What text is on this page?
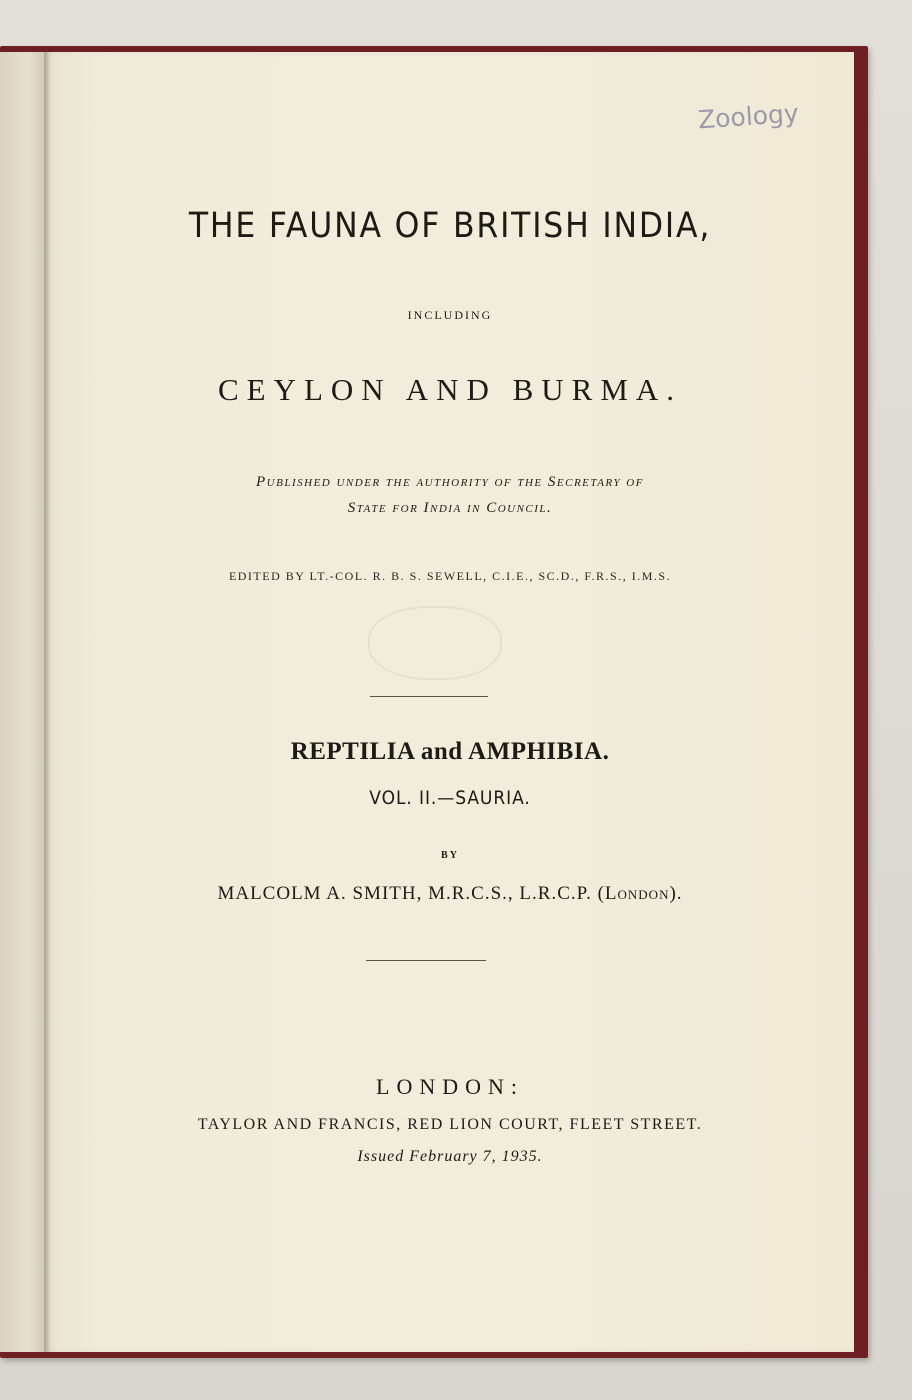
Zoology
THE FAUNA OF BRITISH INDIA,
INCLUDING
CEYLON AND BURMA.
Published under the authority of the Secretary of
State for India in Council.
EDITED BY LT.-COL. R. B. S. SEWELL, C.I.E., SC.D., F.R.S., I.M.S.
REPTILIA and AMPHIBIA.
VOL. II.—SAURIA.
BY
MALCOLM A. SMITH, M.R.C.S., L.R.C.P. (London).
LONDON:
TAYLOR AND FRANCIS, RED LION COURT, FLEET STREET.
Issued February 7, 1935.
